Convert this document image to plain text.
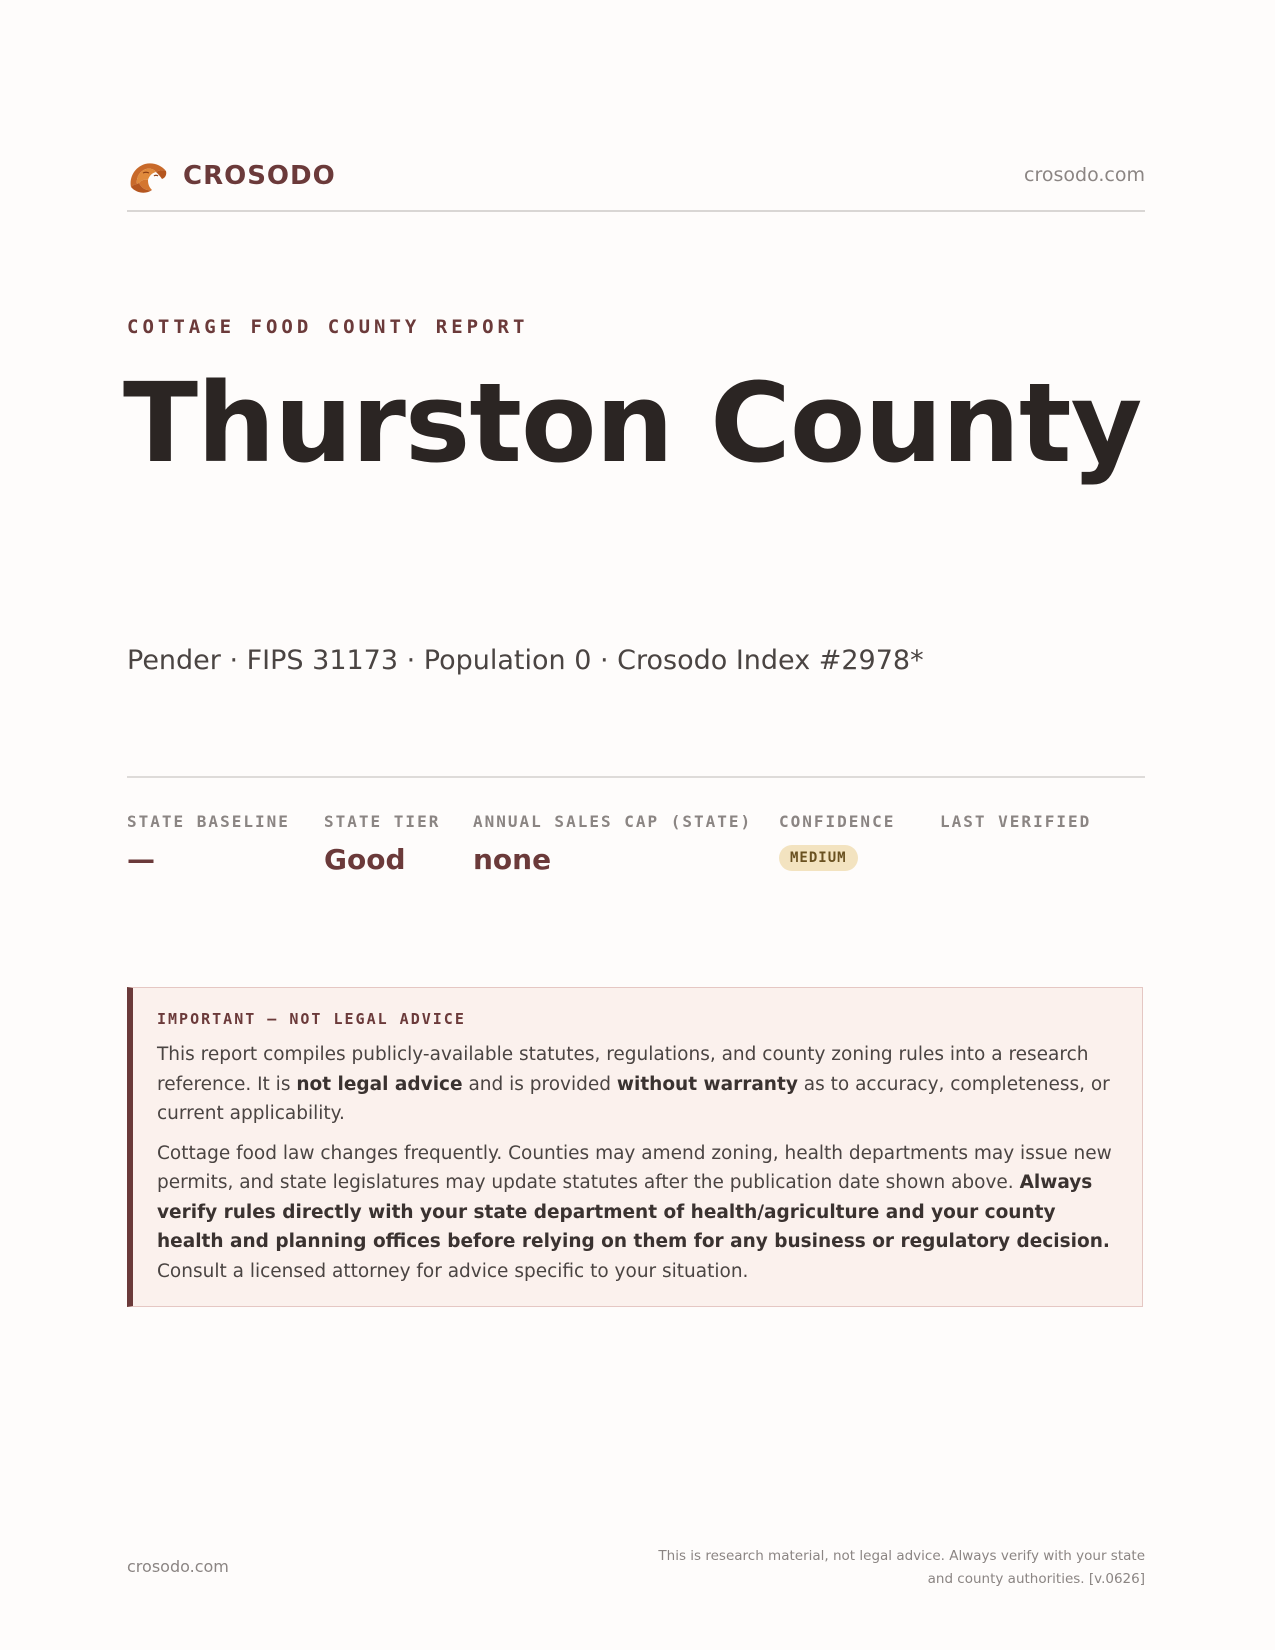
CROSODO	crosodo.com
COTTAGE FOOD COUNTY REPORT
Thurston County
Pender · FIPS 31173 · Population 0 · Crosodo Index #2978*
STATE BASELINE
—
STATE TIER
Good
ANNUAL SALES CAP (STATE)
none
CONFIDENCE
MEDIUM
LAST VERIFIED
IMPORTANT — NOT LEGAL ADVICE

This report compiles publicly-available statutes, regulations, and county zoning rules into a research reference. It is not legal advice and is provided without warranty as to accuracy, completeness, or current applicability.

Cottage food law changes frequently. Counties may amend zoning, health departments may issue new permits, and state legislatures may update statutes after the publication date shown above. Always verify rules directly with your state department of health/agriculture and your county health and planning offices before relying on them for any business or regulatory decision. Consult a licensed attorney for advice specific to your situation.

crosodo.com
This is research material, not legal advice. Always verify with your state
and county authorities. [v.0626]
